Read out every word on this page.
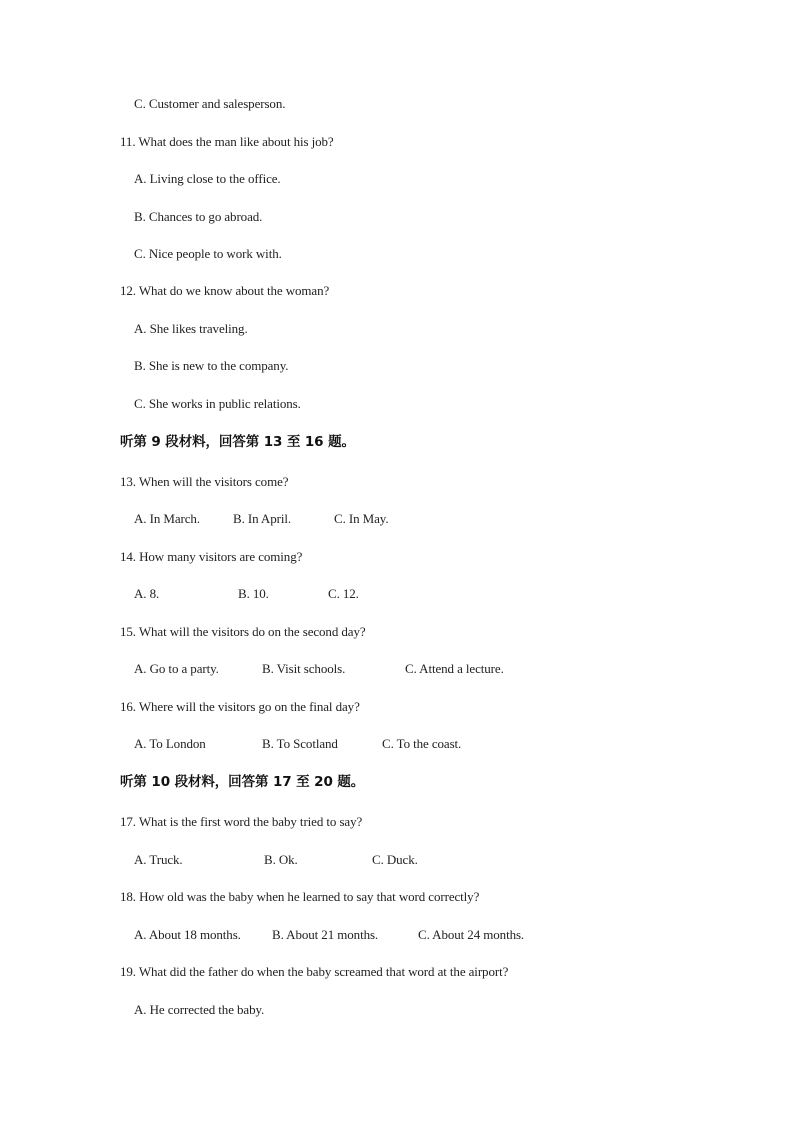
C. Customer and salesperson.
11. What does the man like about his job?
A. Living close to the office.
B. Chances to go abroad.
C. Nice people to work with.
12. What do we know about the woman?
A. She likes traveling.
B. She is new to the company.
C. She works in public relations.
听第 9 段材料，回答第 13 至 16 题。
13. When will the visitors come?
A. In March.	B. In April.	C. In May.
14. How many visitors are coming?
A. 8.	B. 10.	C. 12.
15. What will the visitors do on the second day?
A. Go to a party.	B. Visit schools.	C. Attend a lecture.
16. Where will the visitors go on the final day?
A. To London	B. To Scotland	C. To the coast.
听第 10 段材料，回答第 17 至 20 题。
17. What is the first word the baby tried to say?
A. Truck.	B. Ok.	C. Duck.
18. How old was the baby when he learned to say that word correctly?
A. About 18 months. B. About 21 months.	C. About 24 months.
19. What did the father do when the baby screamed that word at the airport?
A. He corrected the baby.
